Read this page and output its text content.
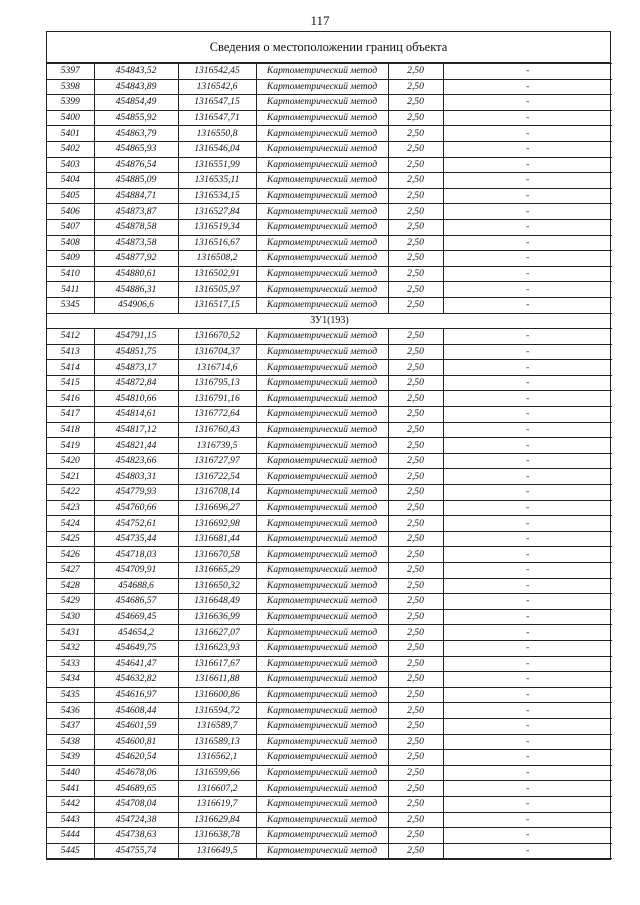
117
Сведения о местоположении границ объекта
5397	454843,52	1316542,45	Картометрический метод	2,50	-
5398	454843,89	1316542,6	Картометрический метод	2,50	-
5399	454854,49	1316547,15	Картометрический метод	2,50	-
5400	454855,92	1316547,71	Картометрический метод	2,50	-
5401	454863,79	1316550,8	Картометрический метод	2,50	-
5402	454865,93	1316546,04	Картометрический метод	2,50	-
5403	454876,54	1316551,99	Картометрический метод	2,50	-
5404	454885,09	1316535,11	Картометрический метод	2,50	-
5405	454884,71	1316534,15	Картометрический метод	2,50	-
5406	454873,87	1316527,84	Картометрический метод	2,50	-
5407	454878,58	1316519,34	Картометрический метод	2,50	-
5408	454873,58	1316516,67	Картометрический метод	2,50	-
5409	454877,92	1316508,2	Картометрический метод	2,50	-
5410	454880,61	1316502,91	Картометрический метод	2,50	-
5411	454886,31	1316505,97	Картометрический метод	2,50	-
5345	454906,6	1316517,15	Картометрический метод	2,50	-
ЗУ1(193)					
5412	454791,15	1316670,52	Картометрический метод	2,50	-
5413	454851,75	1316704,37	Картометрический метод	2,50	-
5414	454873,17	1316714,6	Картометрический метод	2,50	-
5415	454872,84	1316795,13	Картометрический метод	2,50	-
5416	454810,66	1316791,16	Картометрический метод	2,50	-
5417	454814,61	1316772,64	Картометрический метод	2,50	-
5418	454817,12	1316760,43	Картометрический метод	2,50	-
5419	454821,44	1316739,5	Картометрический метод	2,50	-
5420	454823,66	1316727,97	Картометрический метод	2,50	-
5421	454803,31	1316722,54	Картометрический метод	2,50	-
5422	454779,93	1316708,14	Картометрический метод	2,50	-
5423	454760,66	1316696,27	Картометрический метод	2,50	-
5424	454752,61	1316692,98	Картометрический метод	2,50	-
5425	454735,44	1316681,44	Картометрический метод	2,50	-
5426	454718,03	1316670,58	Картометрический метод	2,50	-
5427	454709,91	1316665,29	Картометрический метод	2,50	-
5428	454688,6	1316650,32	Картометрический метод	2,50	-
5429	454686,57	1316648,49	Картометрический метод	2,50	-
5430	454669,45	1316636,99	Картометрический метод	2,50	-
5431	454654,2	1316627,07	Картометрический метод	2,50	-
5432	454649,75	1316623,93	Картометрический метод	2,50	-
5433	454641,47	1316617,67	Картометрический метод	2,50	-
5434	454632,82	1316611,88	Картометрический метод	2,50	-
5435	454616,97	1316600,86	Картометрический метод	2,50	-
5436	454608,44	1316594,72	Картометрический метод	2,50	-
5437	454601,59	1316589,7	Картометрический метод	2,50	-
5438	454600,81	1316589,13	Картометрический метод	2,50	-
5439	454620,54	1316562,1	Картометрический метод	2,50	-
5440	454678,06	1316599,66	Картометрический метод	2,50	-
5441	454689,65	1316607,2	Картометрический метод	2,50	-
5442	454708,04	1316619,7	Картометрический метод	2,50	-
5443	454724,38	1316629,84	Картометрический метод	2,50	-
5444	454738,63	1316638,78	Картометрический метод	2,50	-
5445	454755,74	1316649,5	Картометрический метод	2,50	-
